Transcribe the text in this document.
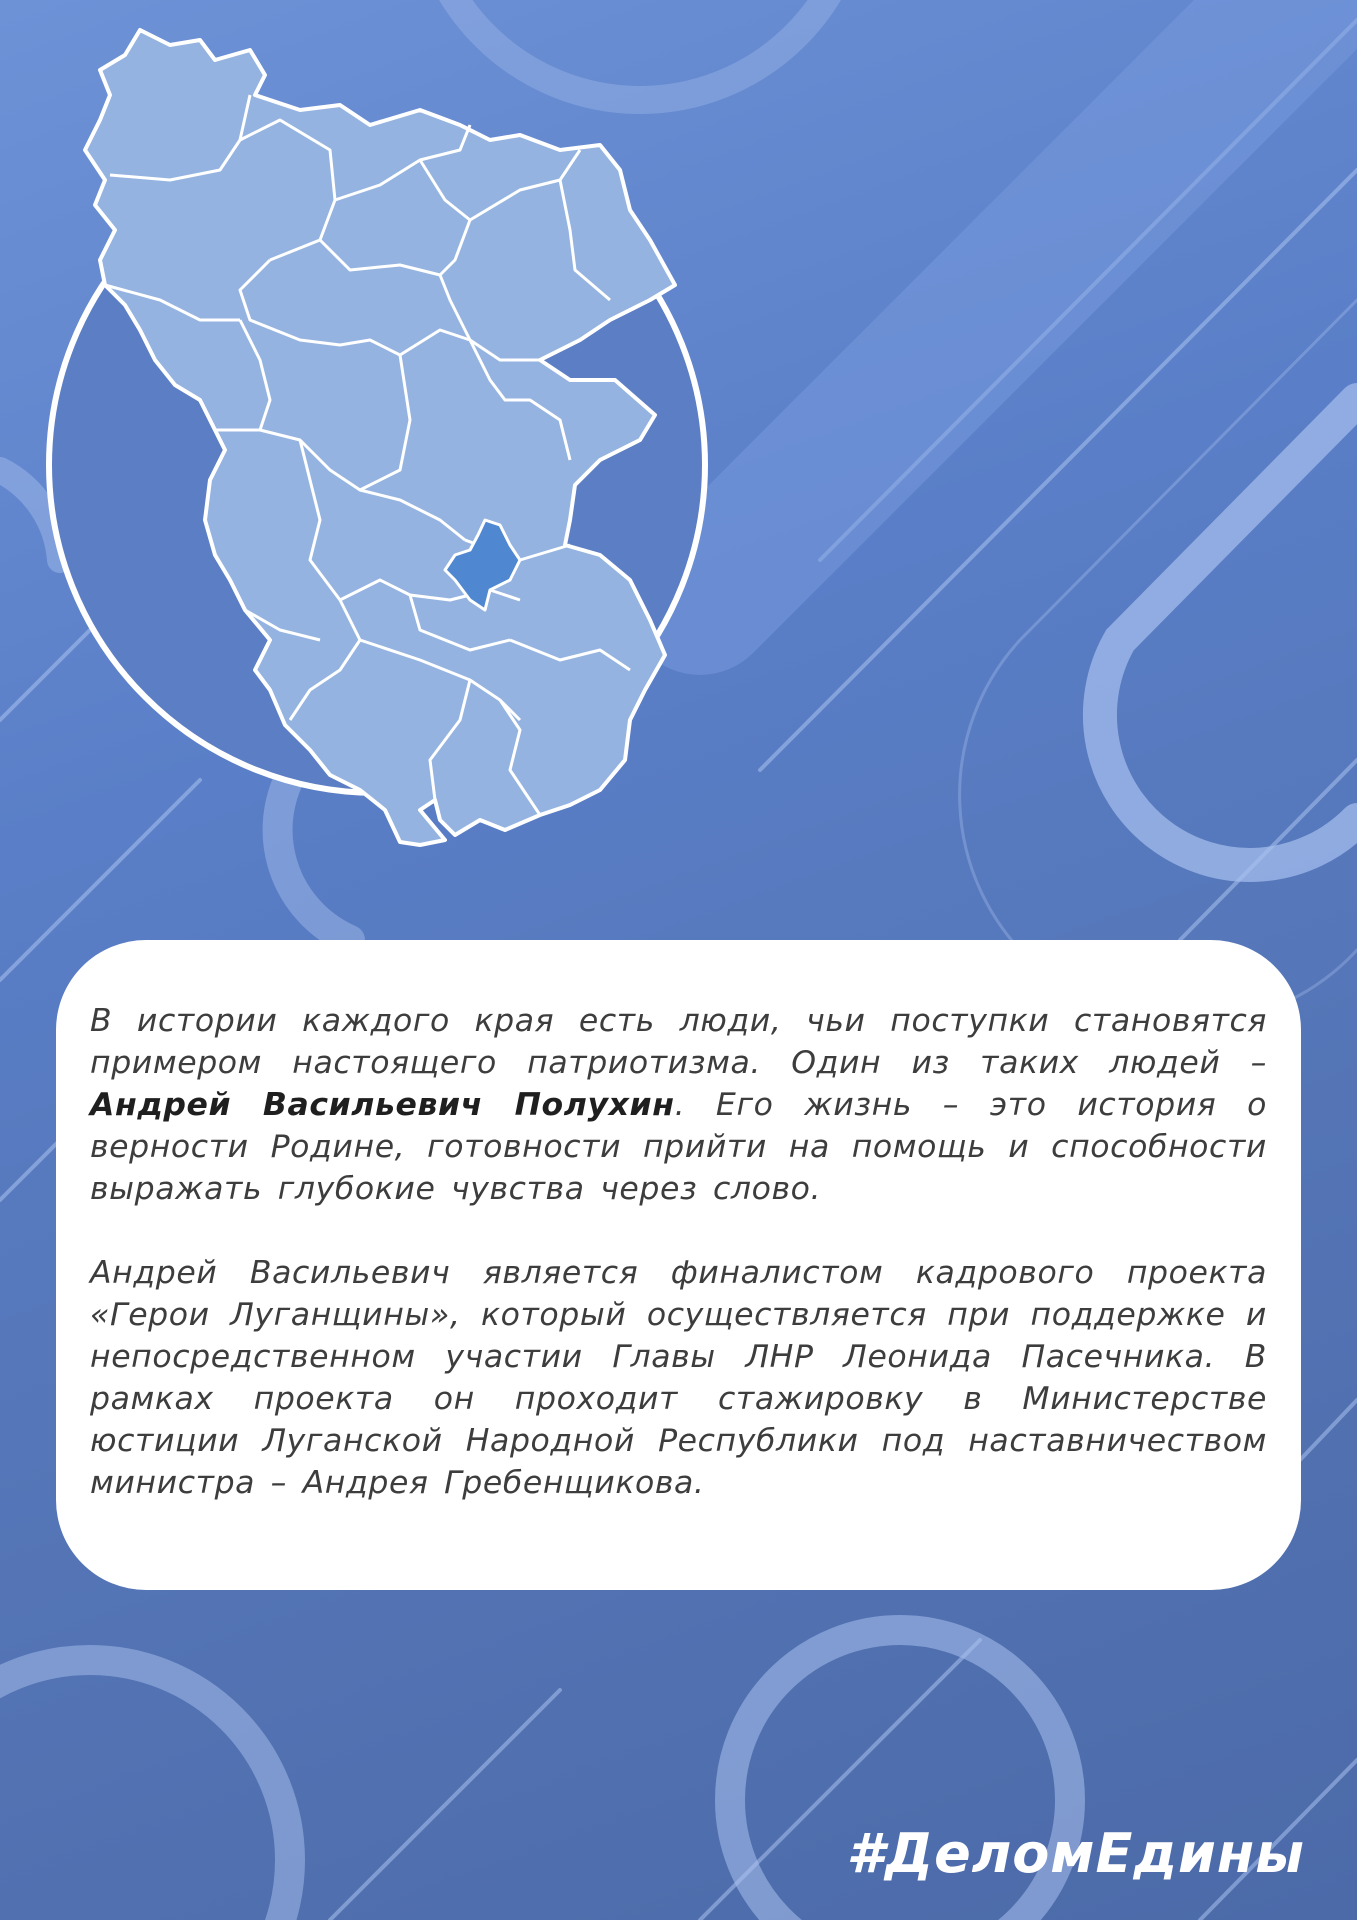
В истории каждого края есть люди, чьи поступки становятся примером настоящего патриотизма. Один из таких людей – Андрей Васильевич Полухин. Его жизнь – это история о верности Родине, готовности прийти на помощь и способности выражать глубокие чувства через слово.

Андрей Васильевич является финалистом кадрового проекта «Герои Луганщины», который осуществляется при поддержке и непосредственном участии Главы ЛНР Леонида Пасечника. В рамках проекта он проходит стажировку в Министерстве юстиции Луганской Народной Республики под наставничеством министра – Андрея Гребенщикова.

#ДеломЕдины
